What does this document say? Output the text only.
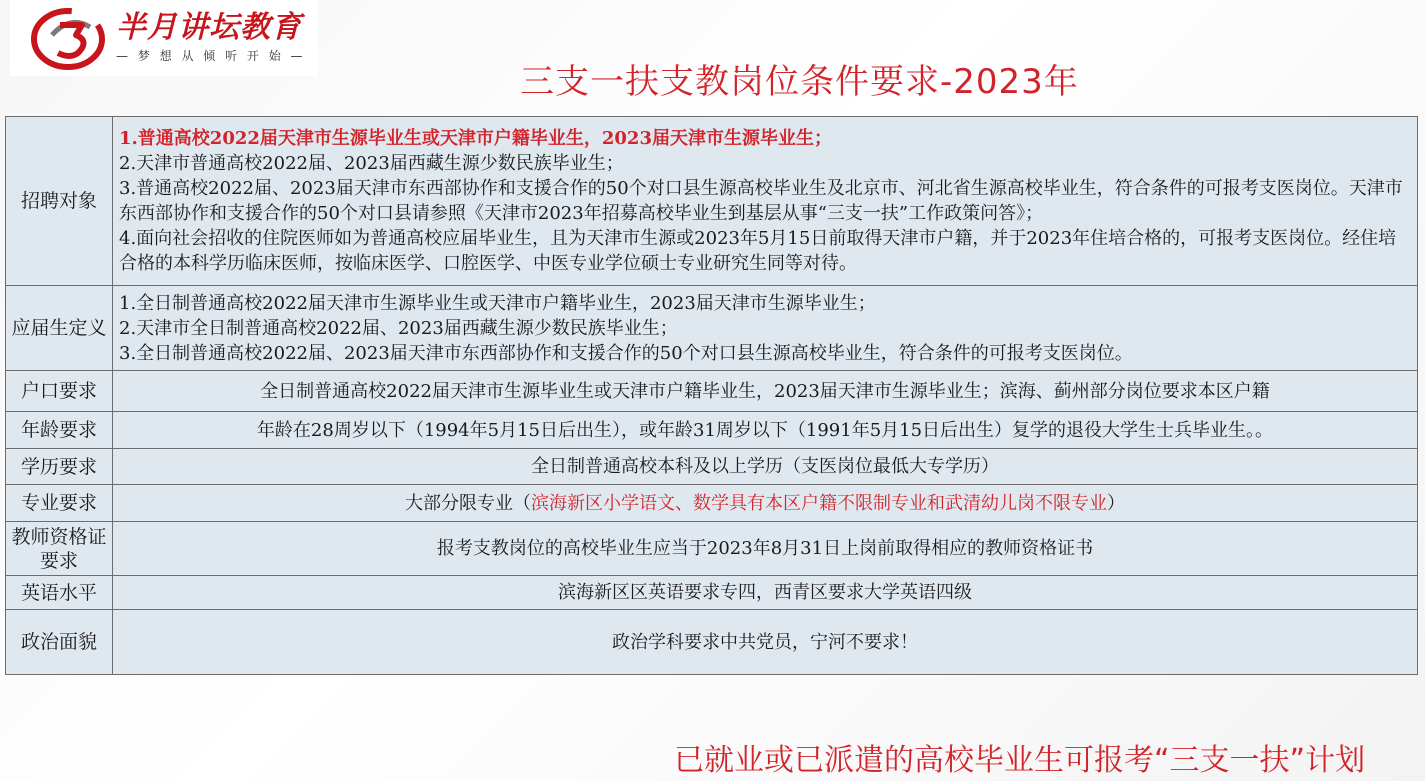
半月讲坛教育
— 梦 想 从 倾 听 开 始 —
三支一扶支教岗位条件要求-2023年
招聘对象	1.普通高校2022届天津市生源毕业生或天津市户籍毕业生，2023届天津市生源毕业生；
2.天津市普通高校2022届、2023届西藏生源少数民族毕业生；
3.普通高校2022届、2023届天津市东西部协作和支援合作的50个对口县生源高校毕业生及北京市、河北省生源高校毕业生，符合条件的可报考支医岗位。天津市东西部协作和支援合作的50个对口县请参照《天津市2023年招募高校毕业生到基层从事“三支一扶”工作政策问答》；
4.面向社会招收的住院医师如为普通高校应届毕业生，且为天津市生源或2023年5月15日前取得天津市户籍，并于2023年住培合格的，可报考支医岗位。经住培合格的本科学历临床医师，按临床医学、口腔医学、中医专业学位硕士专业研究生同等对待。

应届生定义	1.全日制普通高校2022届天津市生源毕业生或天津市户籍毕业生，2023届天津市生源毕业生；
2.天津市全日制普通高校2022届、2023届西藏生源少数民族毕业生；
3.全日制普通高校2022届、2023届天津市东西部协作和支援合作的50个对口县生源高校毕业生，符合条件的可报考支医岗位。

户口要求	全日制普通高校2022届天津市生源毕业生或天津市户籍毕业生，2023届天津市生源毕业生；滨海、蓟州部分岗位要求本区户籍
年龄要求	年龄在28周岁以下（1994年5月15日后出生），或年龄31周岁以下（1991年5月15日后出生）复学的退役大学生士兵毕业生。。
学历要求	全日制普通高校本科及以上学历（支医岗位最低大专学历）
专业要求	大部分限专业（滨海新区小学语文、数学具有本区户籍不限制专业和武清幼儿岗不限专业）
教师资格证要求	报考支教岗位的高校毕业生应当于2023年8月31日上岗前取得相应的教师资格证书
英语水平	滨海新区区英语要求专四，西青区要求大学英语四级
政治面貌	政治学科要求中共党员，宁河不要求！
已就业或已派遣的高校毕业生可报考“三支一扶”计划
